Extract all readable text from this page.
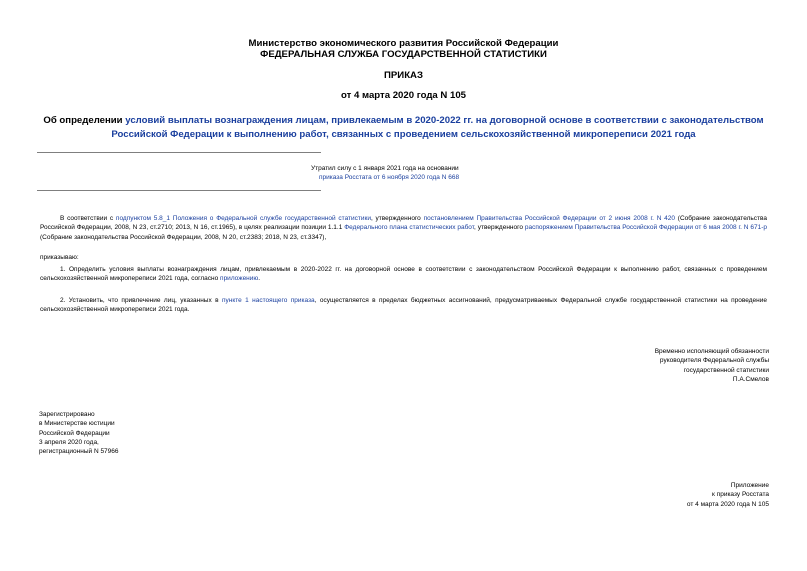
Министерство экономического развития Российской Федерации
ФЕДЕРАЛЬНАЯ СЛУЖБА ГОСУДАРСТВЕННОЙ СТАТИСТИКИ
ПРИКАЗ
от 4 марта 2020 года N 105
Об определении условий выплаты вознаграждения лицам, привлекаемым в 2020-2022 гг. на договорной основе в соответствии с законодательством Российской Федерации к выполнению работ, связанных с проведением сельскохозяйственной микропереписи 2021 года
Утратил силу с 1 января 2021 года на основании
приказа Росстата от 6 ноября 2020 года N 668
В соответствии с подпунктом 5.8_1 Положения о Федеральной службе государственной статистики, утвержденного постановлением Правительства Российской Федерации от 2 июня 2008 г. N 420 (Собрание законодательства Российской Федерации, 2008, N 23, ст.2710; 2013, N 16, ст.1965), в целях реализации позиции 1.1.1 Федерального плана статистических работ, утвержденного распоряжением Правительства Российской Федерации от 6 мая 2008 г. N 671-р (Собрание законодательства Российской Федерации, 2008, N 20, ст.2383; 2018, N 23, ст.3347),
приказываю:
1. Определить условия выплаты вознаграждения лицам, привлекаемым в 2020-2022 гг. на договорной основе в соответствии с законодательством Российской Федерации к выполнению работ, связанных с проведением сельскохозяйственной микропереписи 2021 года, согласно приложению.
2. Установить, что привлечение лиц, указанных в пункте 1 настоящего приказа, осуществляется в пределах бюджетных ассигнований, предусматриваемых Федеральной службе государственной статистики на проведение сельскохозяйственной микропереписи 2021 года.
Временно исполняющий обязанности
руководителя Федеральной службы
государственной статистики
П.А.Смелов
Зарегистрировано
в Министерстве юстиции
Российской Федерации
3 апреля 2020 года,
регистрационный N 57966
Приложение
к приказу Росстата
от 4 марта 2020 года N 105
